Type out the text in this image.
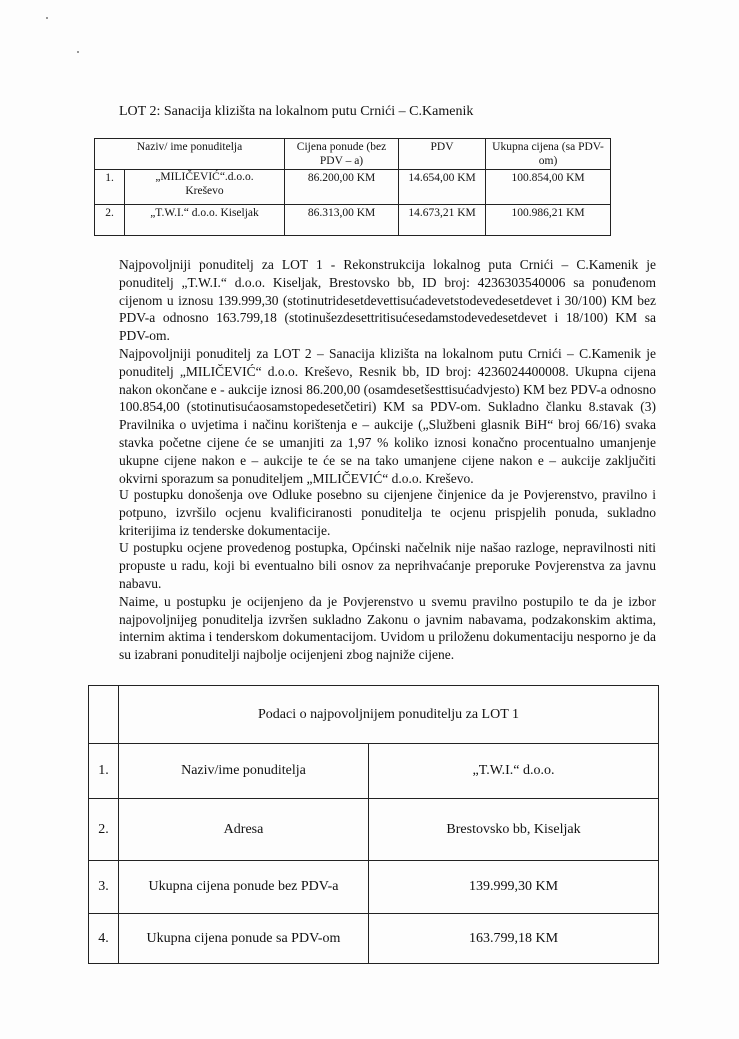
LOT 2: Sanacija klizišta na lokalnom putu Crnići – C.Kamenik
Naziv/ ime ponuditelja		Cijena ponude (bez PDV – a)	PDV	Ukupna cijena (sa PDV-om)
1.	„MILIČEVIĆ“.d.o.o. Kreševo	86.200,00 KM	14.654,00 KM	100.854,00 KM
2.	„T.W.I.“ d.o.o. Kiseljak	86.313,00 KM	14.673,21 KM	100.986,21 KM

Najpovoljniji ponuditelj za LOT 1 - Rekonstrukcija lokalnog puta Crnići – C.Kamenik je ponuditelj „T.W.I.“ d.o.o. Kiseljak, Brestovsko bb, ID broj: 4236303540006 sa ponuđenom cijenom u iznosu 139.999,30 (stotinutridesetdevettisućadevetstodevedesetdevet i 30/100) KM bez PDV-a odnosno 163.799,18 (stotinušezdesettritisućesedamstodevedesetdevet i 18/100) KM sa PDV-om.

Najpovoljniji ponuditelj za LOT 2 – Sanacija klizišta na lokalnom putu Crnići – C.Kamenik je ponuditelj „MILIČEVIĆ“ d.o.o. Kreševo, Resnik bb, ID broj: 4236024400008. Ukupna cijena nakon okončane e - aukcije iznosi 86.200,00 (osamdesetšesttisućadvjesto) KM bez PDV-a odnosno 100.854,00 (stotinutisućaosamstopedesetčetiri) KM sa PDV-om. Sukladno članku 8.stavak (3) Pravilnika o uvjetima i načinu korištenja e – aukcije („Službeni glasnik BiH“ broj 66/16) svaka stavka početne cijene će se umanjiti za 1,97 % koliko iznosi konačno procentualno umanjenje ukupne cijene nakon e – aukcije te će se na tako umanjene cijene nakon e – aukcije zaključiti okvirni sporazum sa ponuditeljem „MILIČEVIĆ“ d.o.o. Kreševo.

U postupku donošenja ove Odluke posebno su cijenjene činjenice da je Povjerenstvo, pravilno i potpuno, izvršilo ocjenu kvalificiranosti ponuditelja te ocjenu prispjelih ponuda, sukladno kriterijima iz tenderske dokumentacije.

U postupku ocjene provedenog postupka, Općinski načelnik nije našao razloge, nepravilnosti niti propuste u radu, koji bi eventualno bili osnov za neprihvaćanje preporuke Povjerenstva za javnu nabavu.

Naime, u postupku je ocijenjeno da je Povjerenstvo u svemu pravilno postupilo te da je izbor najpovoljnijeg ponuditelja izvršen sukladno Zakonu o javnim nabavama, podzakonskim aktima, internim aktima i tenderskom dokumentacijom. Uvidom u priloženu dokumentaciju nesporno je da su izabrani ponuditelji najbolje ocijenjeni zbog najniže cijene.

	Podaci o najpovoljnijem ponuditelju za LOT 1	
1.	Naziv/ime ponuditelja	„T.W.I.“ d.o.o.
2.	Adresa	Brestovsko bb, Kiseljak
3.	Ukupna cijena ponude bez PDV-a	139.999,30 KM
4.	Ukupna cijena ponude sa PDV-om	163.799,18 KM
